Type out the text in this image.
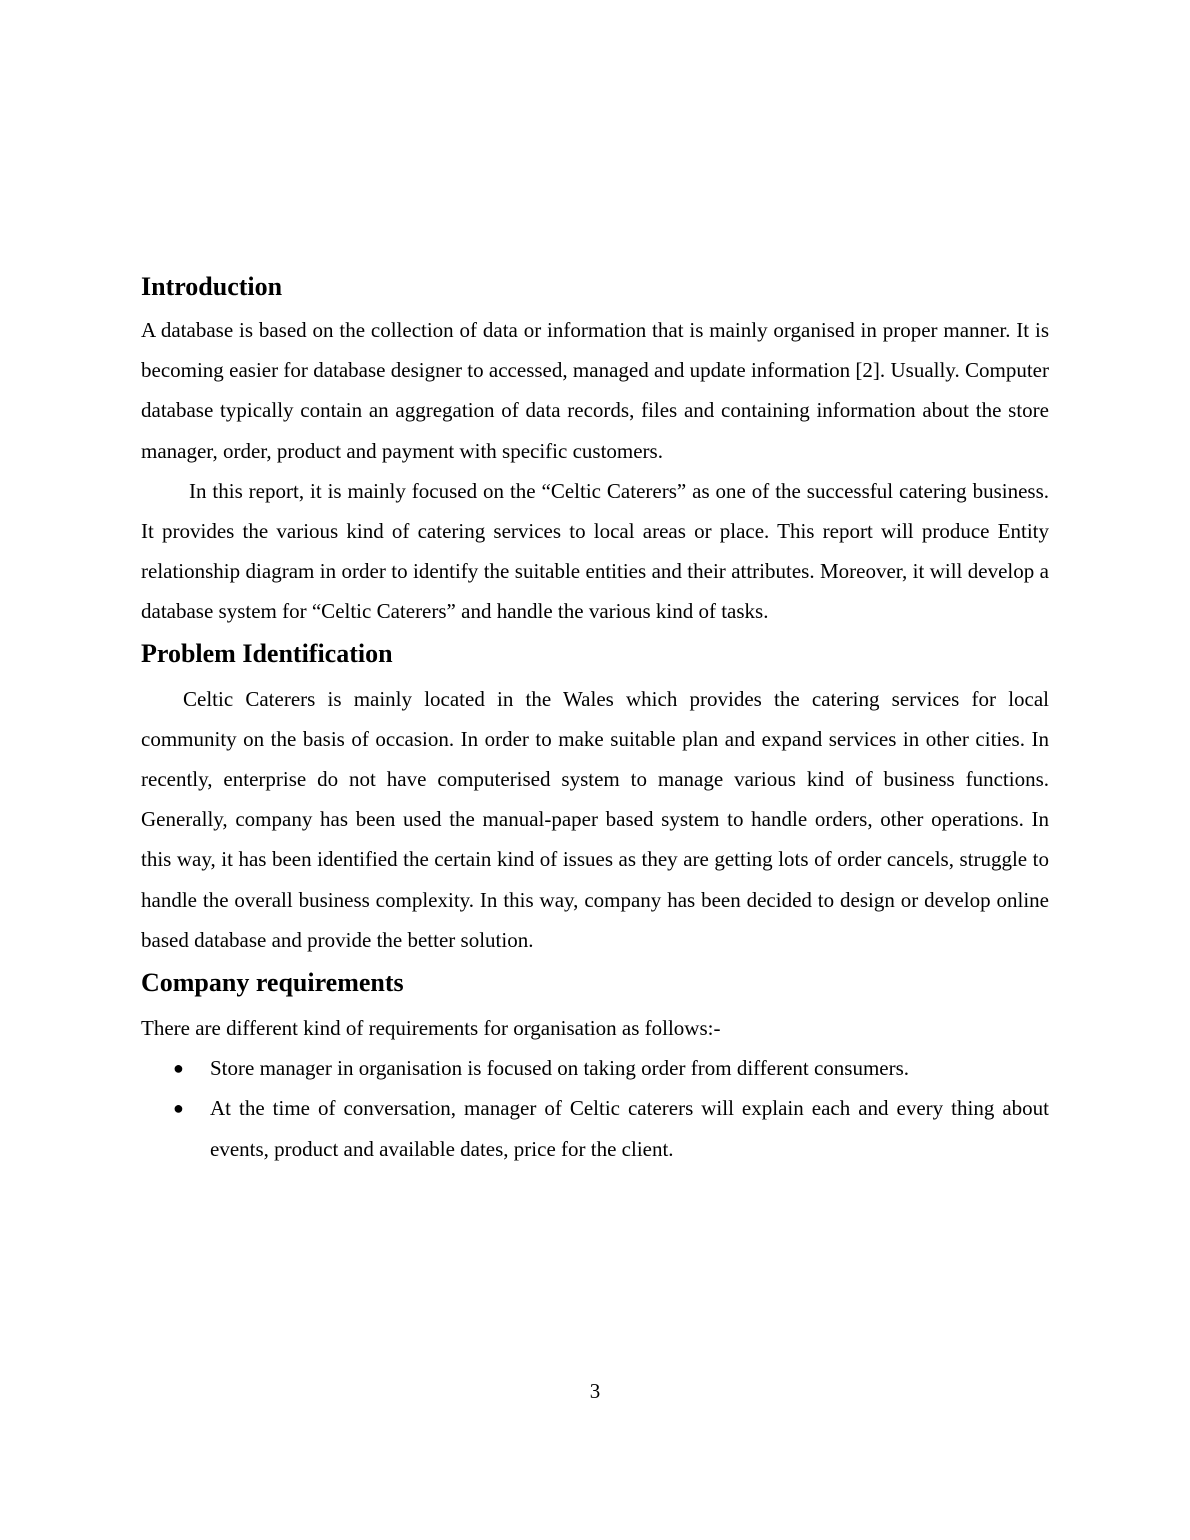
Introduction

A database is based on the collection of data or information that is mainly organised in proper manner. It is becoming easier for database designer to accessed, managed and update information [2]. Usually. Computer database typically contain an aggregation of data records, files and containing information about the store manager, order, product and payment with specific customers.

In this report, it is mainly focused on the “Celtic Caterers” as one of the successful catering business. It provides the various kind of catering services to local areas or place. This report will produce Entity relationship diagram in order to identify the suitable entities and their attributes. Moreover, it will develop a database system for “Celtic Caterers” and handle the various kind of tasks.

Problem Identification

Celtic Caterers is mainly located in the Wales which provides the catering services for local community on the basis of occasion. In order to make suitable plan and expand services in other cities. In recently, enterprise do not have computerised system to manage various kind of business functions. Generally, company has been used the manual-paper based system to handle orders, other operations. In this way, it has been identified the certain kind of issues as they are getting lots of order cancels, struggle to handle the overall business complexity. In this way, company has been decided to design or develop online based database and provide the better solution.

Company requirements

There are different kind of requirements for organisation as follows:-

●	Store manager in organisation is focused on taking order from different consumers.
●	At the time of conversation, manager of Celtic caterers will explain each and every thing about events, product and available dates, price for the client.
3
